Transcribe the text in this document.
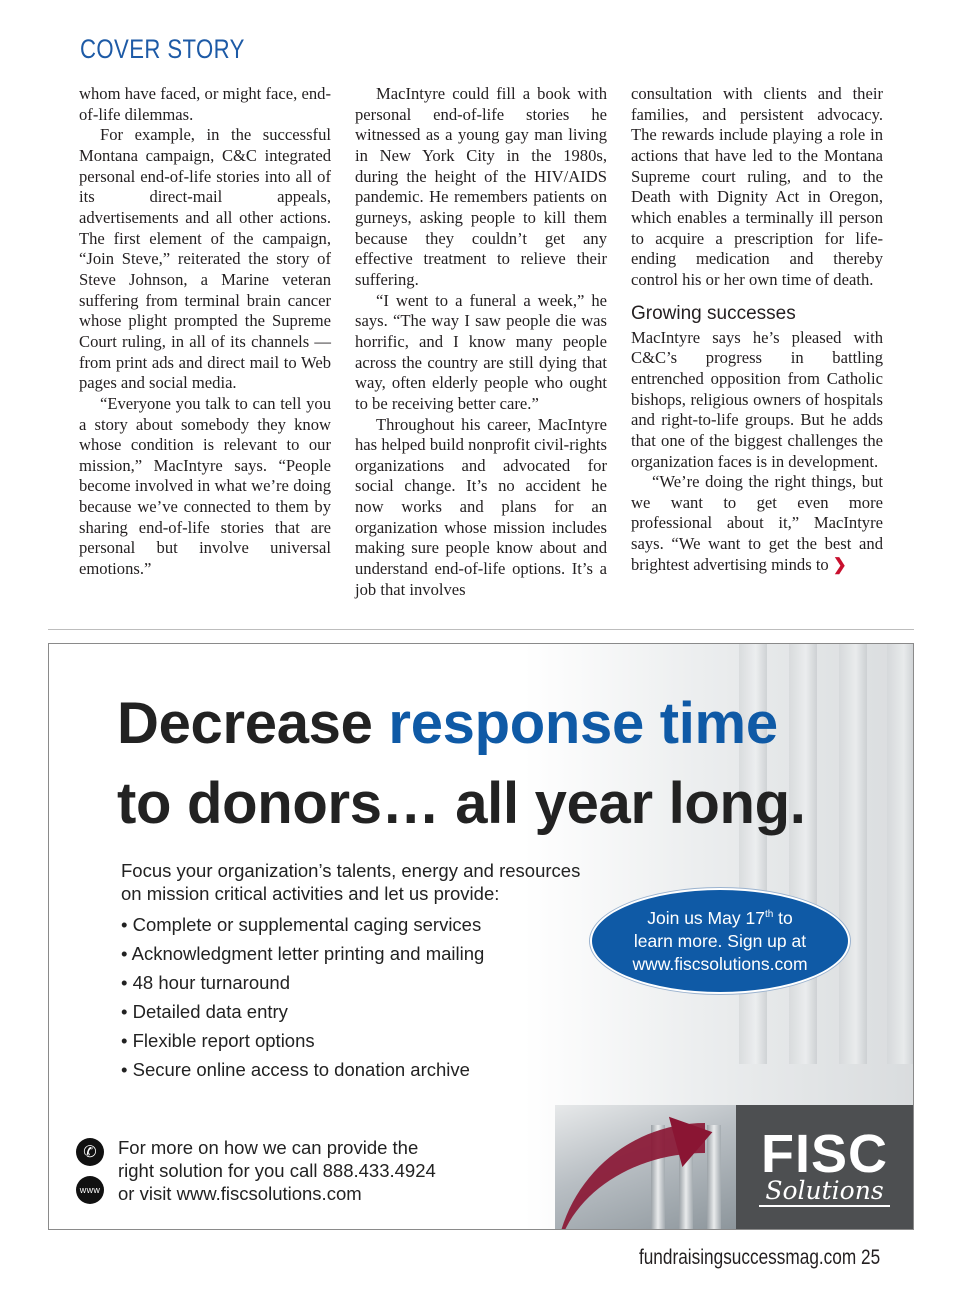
COVER STORY

whom have faced, or might face, end-of-life dilemmas.

For example, in the successful Montana campaign, C&C integrated personal end-of-life stories into all of its direct-mail appeals, advertisements and all other actions. The first element of the campaign, “Join Steve,” reiterated the story of Steve Johnson, a Marine veteran suffering from terminal brain cancer whose plight prompted the Supreme Court ruling, in all of its channels — from print ads and direct mail to Web pages and social media.

“Everyone you talk to can tell you a story about somebody they know whose condition is relevant to our mission,” MacIntyre says. “People become involved in what we’re doing because we’ve connected to them by sharing end-of-life stories that are personal but involve universal emotions.”

MacIntyre could fill a book with personal end-of-life stories he witnessed as a young gay man living in New York City in the 1980s, during the height of the HIV/AIDS pandemic. He remembers patients on gurneys, asking people to kill them because they couldn’t get any effective treatment to relieve their suffering.

“I went to a funeral a week,” he says. “The way I saw people die was horrific, and I know many people across the country are still dying that way, often elderly people who ought to be receiving better care.”

Throughout his career, MacIntyre has helped build nonprofit civil-rights organizations and advocated for social change. It’s no accident he now works and plans for an organization whose mission includes making sure people know about and understand end-of-life options. It’s a job that involves

consultation with clients and their families, and persistent advocacy. The rewards include playing a role in actions that have led to the Montana Supreme court ruling, and to the Death with Dignity Act in Oregon, which enables a terminally ill person to acquire a prescription for life-ending medication and thereby control his or her own time of death.

Growing successes

MacIntyre says he’s pleased with C&C’s progress in battling entrenched opposition from Catholic bishops, religious owners of hospitals and right-to-life groups. But he adds that one of the biggest challenges the organization faces is in development.

“We’re doing the right things, but we want to get even more professional about it,” MacIntyre says. “We want to get the best and brightest advertising minds to ❯

Decrease response time
to donors… all year long.
Focus your organization’s talents, energy and resources
on mission critical activities and let us provide:
• Complete or supplemental caging services
• Acknowledgment letter printing and mailing
• 48 hour turnaround
• Detailed data entry
• Flexible report options
• Secure online access to donation archive
Join us May 17th to
learn more. Sign up at
www.fiscsolutions.com
✆
www
For more on how we can provide the
right solution for you call 888.433.4924
or visit www.fiscsolutions.com
FISC
Solutions
fundraisingsuccessmag.com 25
